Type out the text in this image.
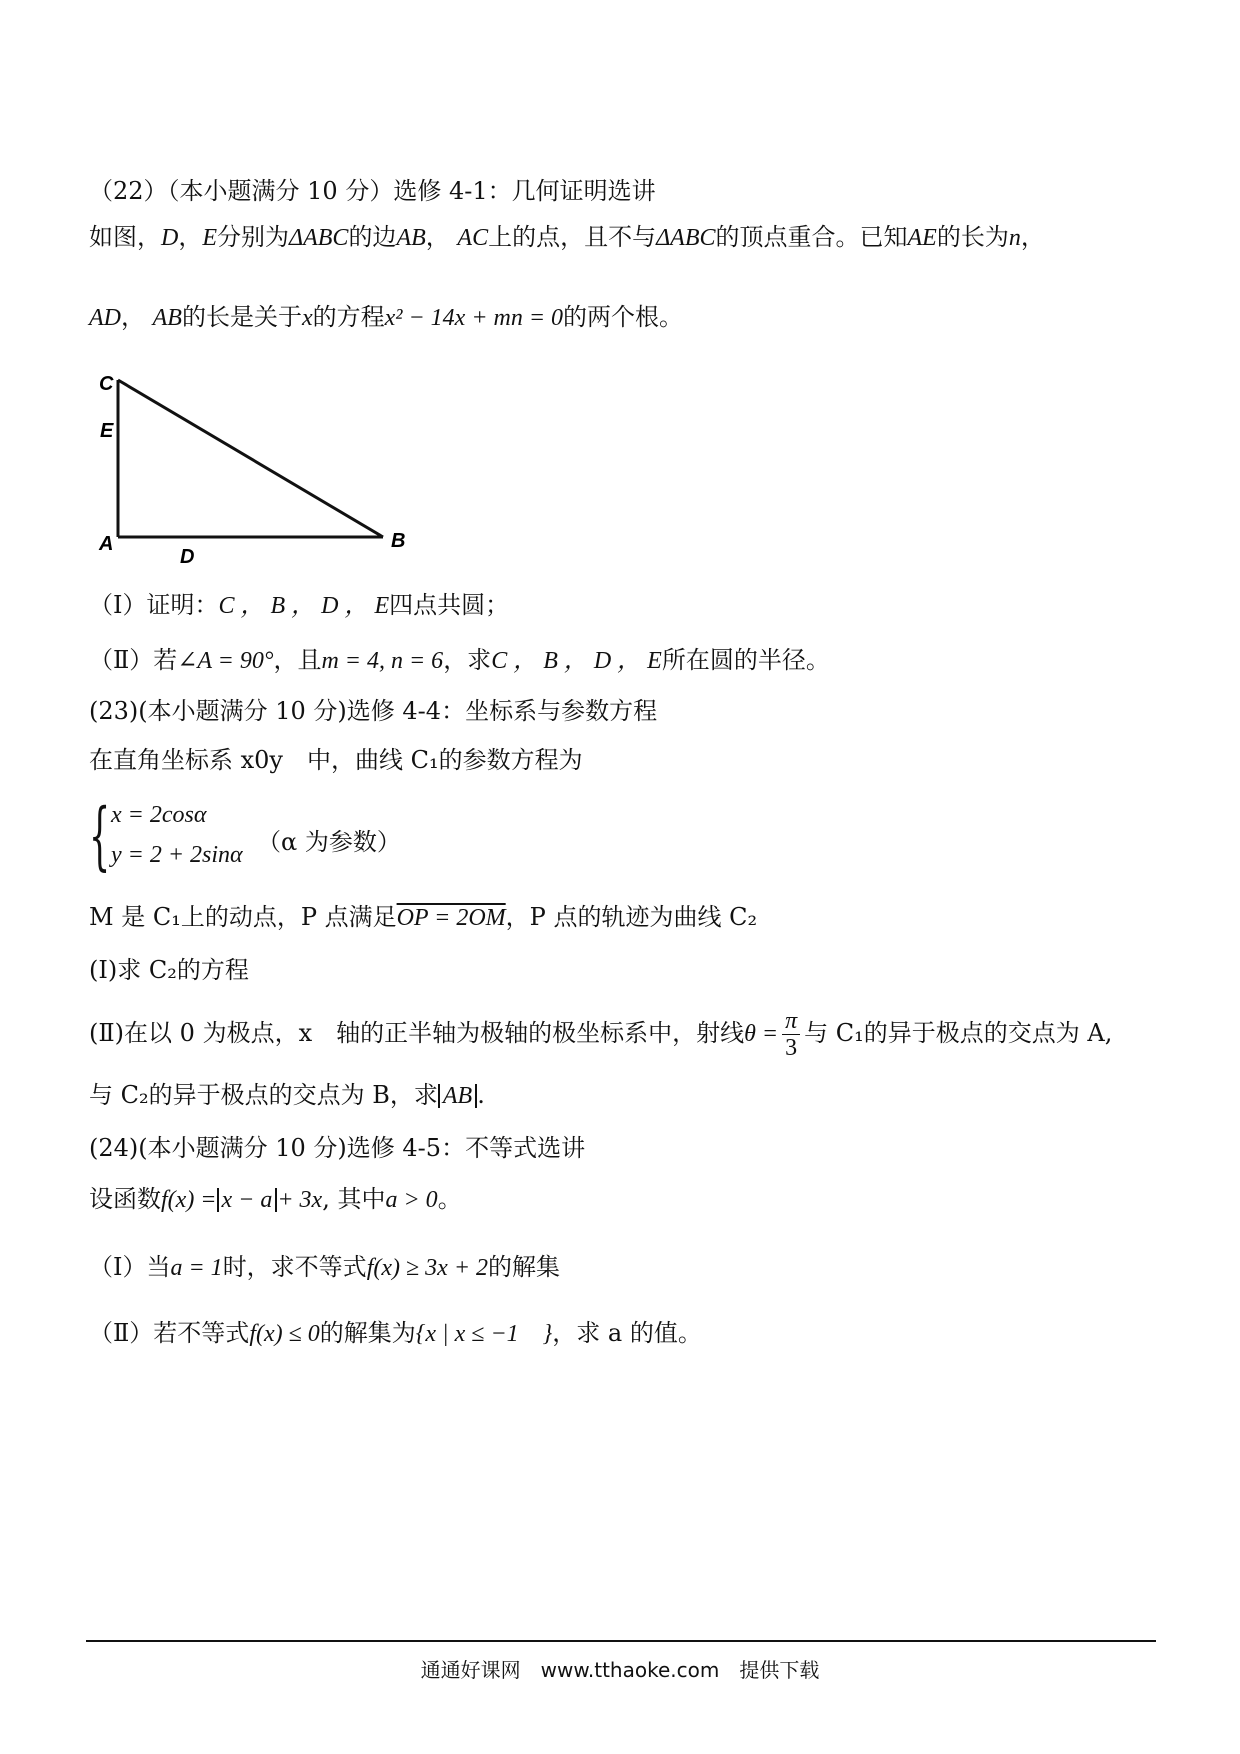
（22）（本小题满分 10 分）选修 4-1：几何证明选讲
如图，D，E分别为ΔABC的边AB， AC上的点，且不与ΔABC的顶点重合。已知AE的长为n，
AD， AB的长是关于x的方程x² − 14x + mn = 0的两个根。
C
E
A
D
B
（Ⅰ）证明：C ， B ， D ， E四点共圆；
（Ⅱ）若∠A = 90°，且m = 4, n = 6，求C ， B ， D ， E所在圆的半径。
(23)(本小题满分 10 分)选修 4-4：坐标系与参数方程
在直角坐标系 x0y　中，曲线 C₁的参数方程为
{ x = 2cosα
y = 2 + 2sinα （α 为参数）
M 是 C₁上的动点，P 点满足OP = 2OM，P 点的轨迹为曲线 C₂
(Ⅰ)求 C₂的方程
(Ⅱ)在以 0 为极点，x　轴的正半轴为极轴的极坐标系中，射线$\theta = \frac{\pi}{3}$ 与 C₁的异于极点的交点为 A,
与 C₂的异于极点的交点为 B，求 AB .
(24)(本小题满分 10 分)选修 4-5：不等式选讲
设函数f(x) = x − a + 3x, 其中a > 0。
（Ⅰ）当a = 1时，求不等式f(x) ≥ 3x + 2的解集
（Ⅱ）若不等式f(x) ≤ 0的解集为{x | x ≤ −1　}，求 a 的值。
通通好课网　www.tthaoke.com　提供下载
